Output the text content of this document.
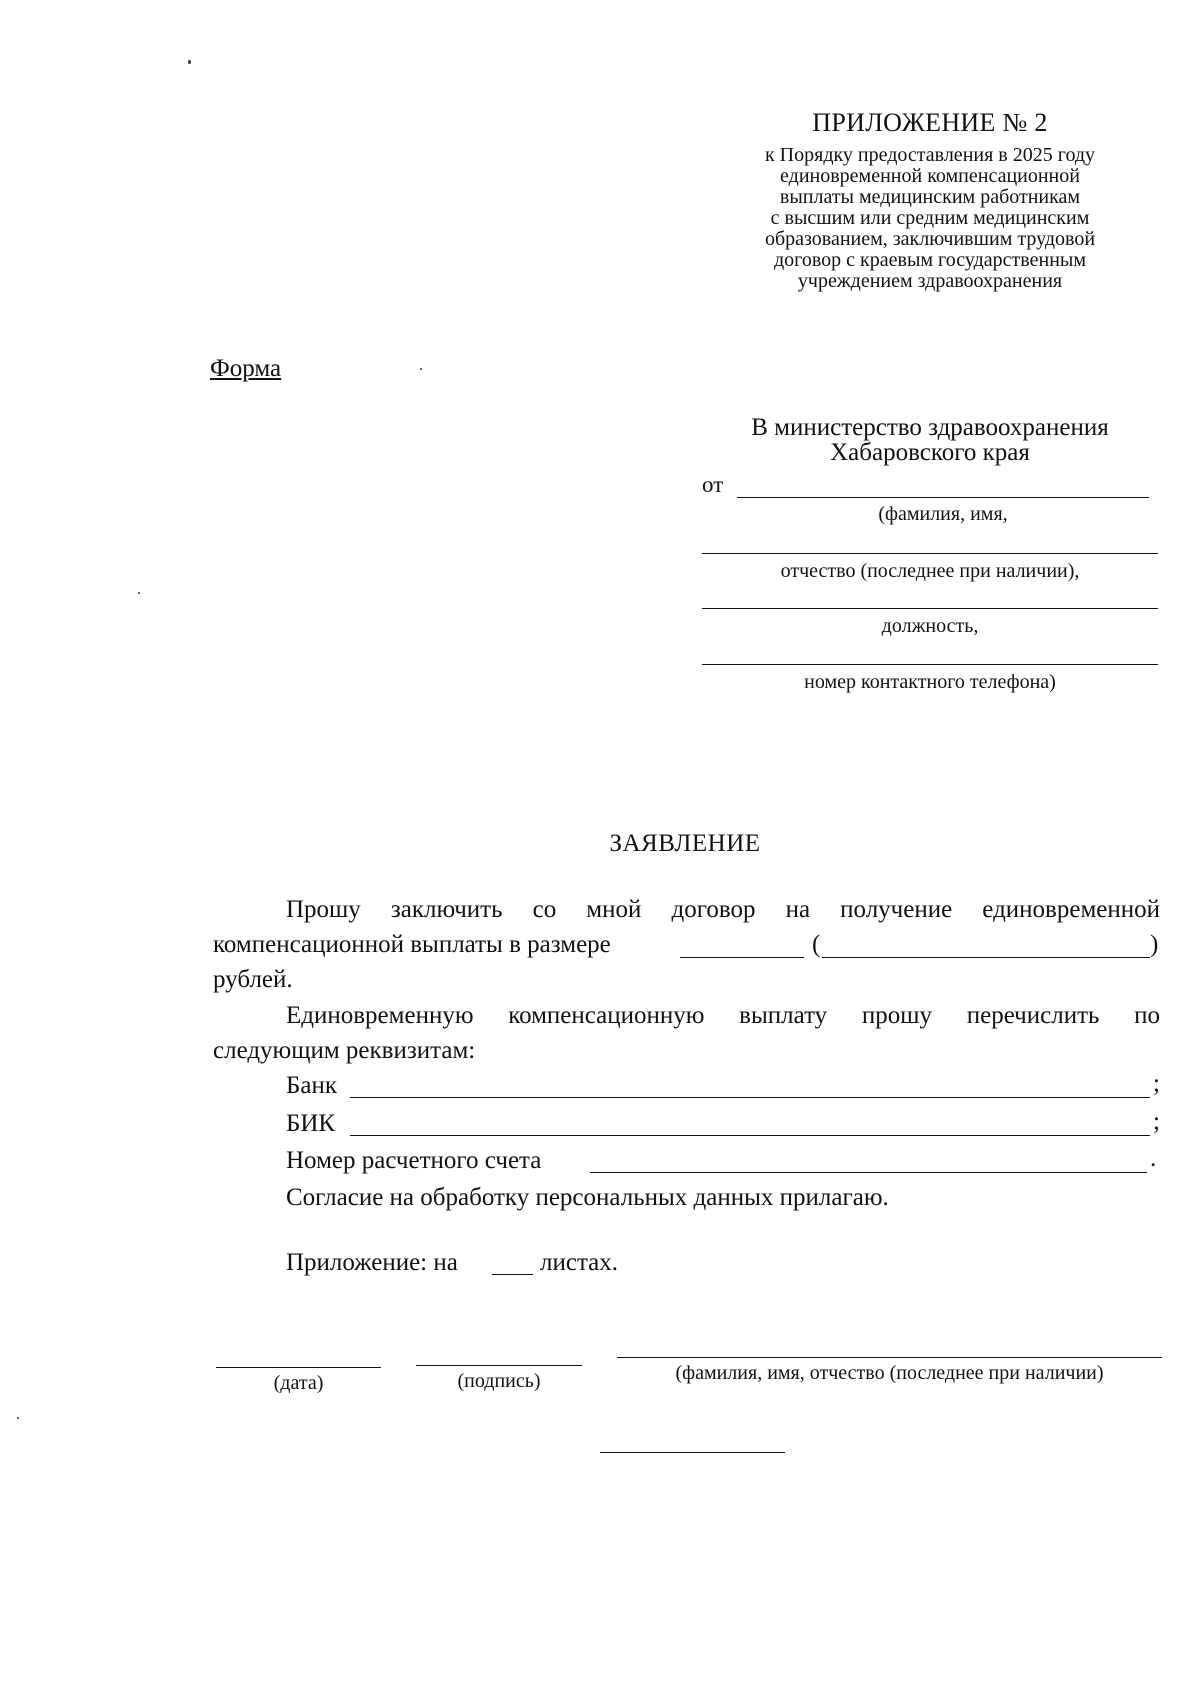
ПРИЛОЖЕНИЕ № 2
к Порядку предоставления в 2025 году
единовременной компенсационной
выплаты медицинским работникам
с высшим или средним медицинским
образованием, заключившим трудовой
договор с краевым государственным
учреждением здравоохранения
Форма
В министерство здравоохранения
Хабаровского края
от
(фамилия, имя,
отчество (последнее при наличии),
должность,
номер контактного телефона)
ЗАЯВЛЕНИЕ
Прошу заключить со мной договор на получение единовременной
компенсационной выплаты в размере	(	)
рублей.
Единовременную компенсационную выплату прошу перечислить по
следующим реквизитам:
Банк	;
БИК	;
Номер расчетного счета	.
Согласие на обработку персональных данных прилагаю.
Приложение: на	листах.
(дата)	(подпись)	(фамилия, имя, отчество (последнее при наличии)
